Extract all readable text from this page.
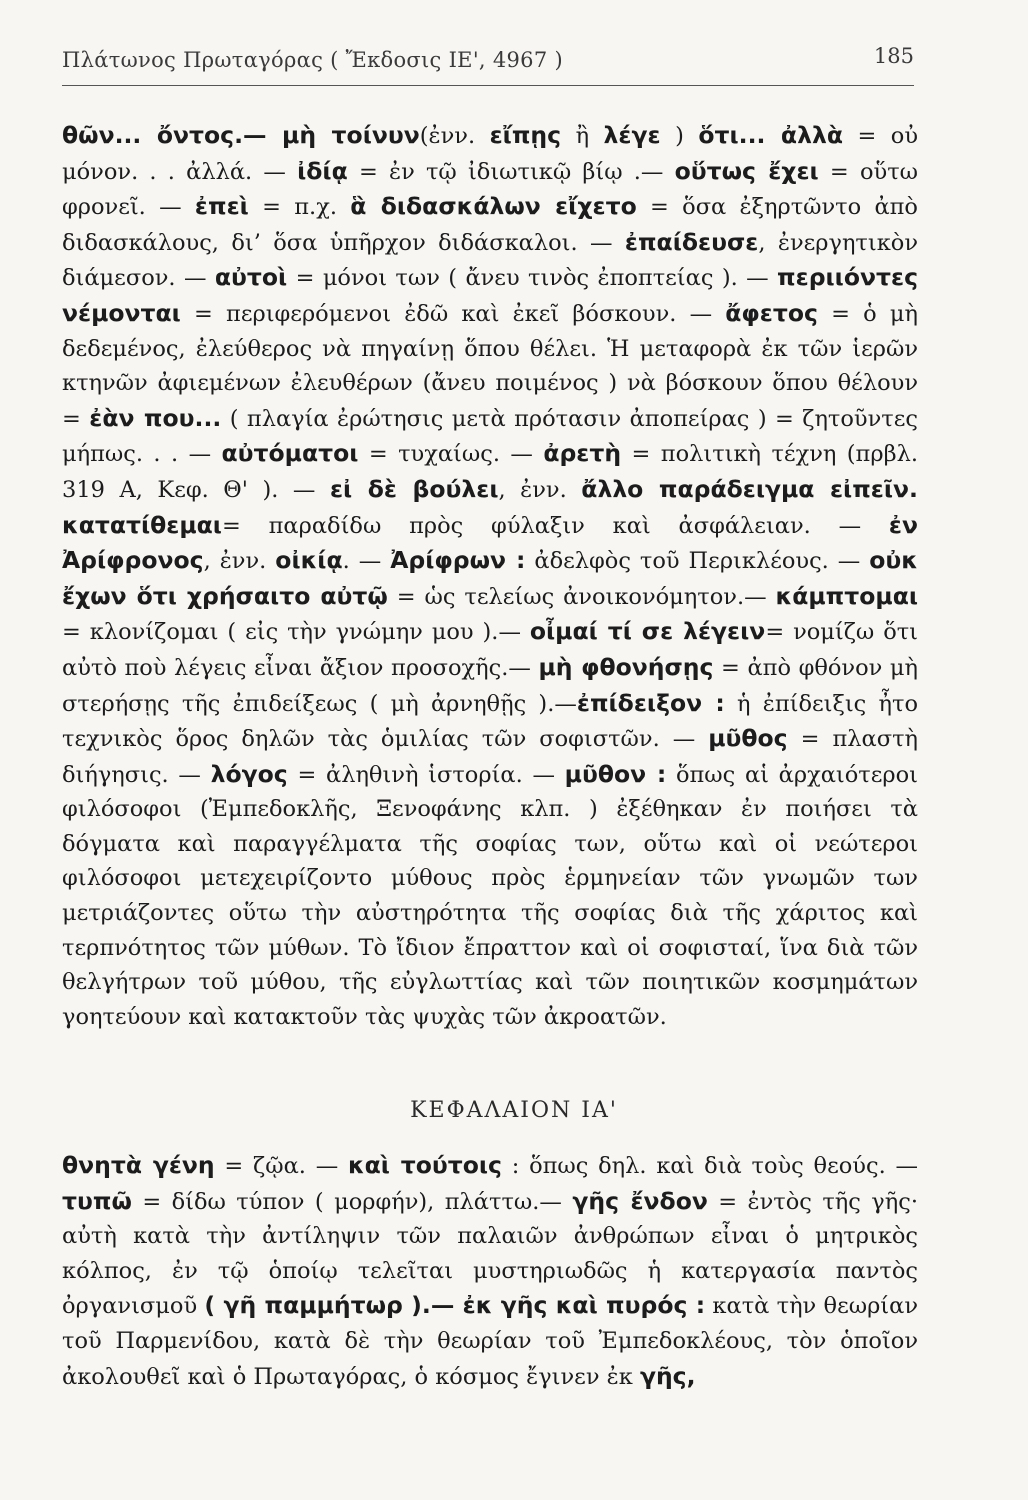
Πλάτωνος Πρωταγόρας ( Ἔκδοσις ΙΕ', 4967 )	185

θῶν... ὄντος.— μὴ τοίνυν(ἐνν. εἴπῃς ἢ λέγε ) ὅτι... ἀλλὰ = οὐ μόνον. . . ἀλλά. — ἰδίᾳ = ἐν τῷ ἰδιωτικῷ βίῳ .— οὕτως ἔχει = οὕτω φρονεῖ. — ἐπεὶ = π.χ. ἃ διδασκάλων εἴχετο = ὅσα ἐξηρτῶντο ἀπὸ διδασκάλους, δι’ ὅσα ὑπῆρχον διδάσκαλοι. — ἐπαίδευσε, ἐνεργητικὸν διάμεσον. — αὐτοὶ = μόνοι των ( ἄνευ τινὸς ἐποπτείας ). — περιιόντες νέμονται = περιφερόμενοι ἐδῶ καὶ ἐκεῖ βόσκουν. — ἄφετος = ὁ μὴ δεδεμένος, ἐλεύθερος νὰ πηγαίνῃ ὅπου θέλει. Ἡ μεταφορὰ ἐκ τῶν ἱερῶν κτηνῶν ἀφιεμένων ἐλευθέρων (ἄνευ ποιμένος ) νὰ βόσκουν ὅπου θέλουν = ἐὰν που... ( πλαγία ἐρώτησις μετὰ πρότασιν ἀποπείρας ) = ζητοῦντες μήπως. . . — αὐτόματοι = τυχαίως. — ἀρετὴ = πολιτικὴ τέχνη (πρβλ. 319 Α, Κεφ. Θ' ). — εἰ δὲ βούλει, ἐνν. ἄλλο παράδειγμα εἰπεῖν. κατατίθεμαι= παραδίδω πρὸς φύλαξιν καὶ ἀσφάλειαν. — ἐν Ἀρίφρονος, ἐνν. οἰκίᾳ. — Ἀρίφρων : ἀδελφὸς τοῦ Περικλέους. — οὐκ ἔχων ὅτι χρήσαιτο αὐτῷ = ὡς τελείως ἀνοικονόμητον.— κάμπτομαι = κλονίζομαι ( εἰς τὴν γνώμην μου ).— οἶμαί τί σε λέγειν= νομίζω ὅτι αὐτὸ ποὺ λέγεις εἶναι ἄξιον προσοχῆς.— μὴ φθονήσῃς = ἀπὸ φθόνον μὴ στερήσῃς τῆς ἐπιδείξεως ( μὴ ἀρνηθῇς ).—ἐπίδειξον : ἡ ἐπίδειξις ἦτο τεχνικὸς ὅρος δηλῶν τὰς ὁμιλίας τῶν σοφιστῶν. — μῦθος = πλαστὴ διήγησις. — λόγος = ἀληθινὴ ἱστορία. — μῦθον : ὅπως αἱ ἀρχαιότεροι φιλόσοφοι (Ἐμπεδοκλῆς, Ξενοφάνης κλπ. ) ἐξέθηκαν ἐν ποιήσει τὰ δόγματα καὶ παραγγέλματα τῆς σοφίας των, οὕτω καὶ οἱ νεώτεροι φιλόσοφοι μετεχειρίζοντο μύθους πρὸς ἑρμηνείαν τῶν γνωμῶν των μετριάζοντες οὕτω τὴν αὐστηρότητα τῆς σοφίας διὰ τῆς χάριτος καὶ τερπνότητος τῶν μύθων. Τὸ ἴδιον ἔπραττον καὶ οἱ σοφισταί, ἵνα διὰ τῶν θελγήτρων τοῦ μύθου, τῆς εὐγλωττίας καὶ τῶν ποιητικῶν κοσμημάτων γοητεύουν καὶ κατακτοῦν τὰς ψυχὰς τῶν ἀκροατῶν.

ΚΕΦΑΛΑΙΟΝ ΙΑ'

θνητὰ γένη = ζῷα. — καὶ τούτοις : ὅπως δηλ. καὶ διὰ τοὺς θεούς. — τυπῶ = δίδω τύπον ( μορφήν), πλάττω.— γῆς ἔνδον = ἐντὸς τῆς γῆς· αὐτὴ κατὰ τὴν ἀντίληψιν τῶν παλαιῶν ἀνθρώπων εἶναι ὁ μητρικὸς κόλπος, ἐν τῷ ὁποίῳ τελεῖται μυστηριωδῶς ἡ κατεργασία παντὸς ὀργανισμοῦ ( γῆ παμμήτωρ ).— ἐκ γῆς καὶ πυρός : κατὰ τὴν θεωρίαν τοῦ Παρμενίδου, κατὰ δὲ τὴν θεωρίαν τοῦ Ἐμπεδοκλέους, τὸν ὁποῖον ἀκολουθεῖ καὶ ὁ Πρωταγόρας, ὁ κόσμος ἔγινεν ἐκ γῆς,
